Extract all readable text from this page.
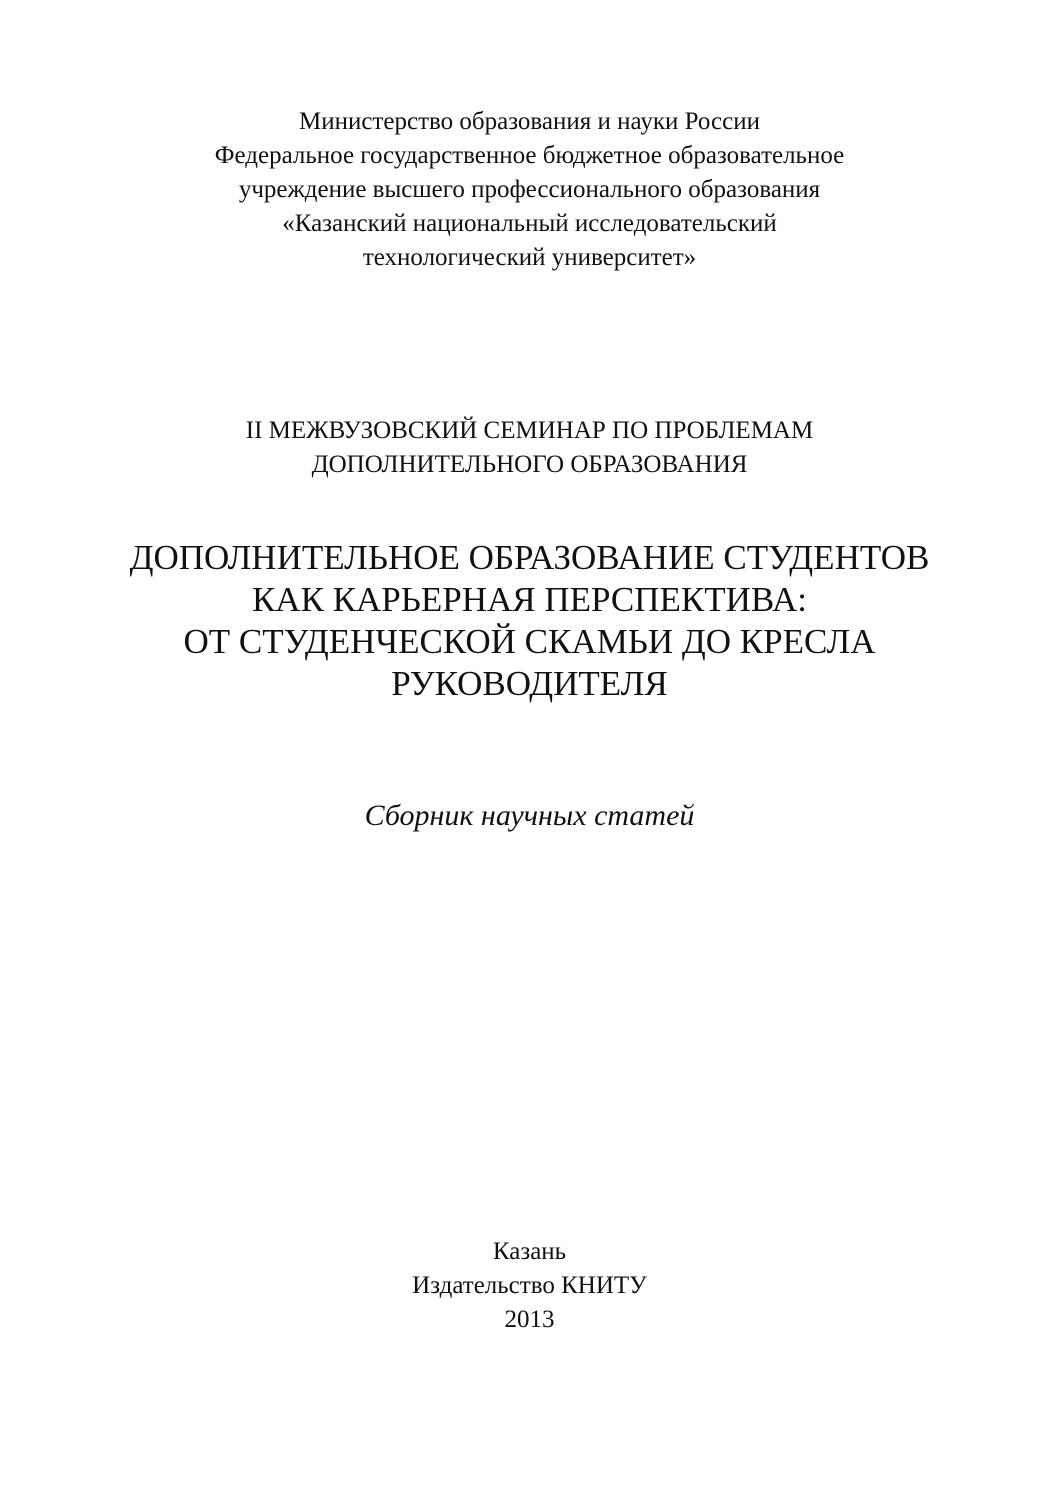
Министерство образования и науки России
Федеральное государственное бюджетное образовательное
учреждение высшего профессионального образования
«Казанский национальный исследовательский
технологический университет»
II МЕЖВУЗОВСКИЙ СЕМИНАР ПО ПРОБЛЕМАМ
ДОПОЛНИТЕЛЬНОГО ОБРАЗОВАНИЯ
ДОПОЛНИТЕЛЬНОЕ ОБРАЗОВАНИЕ СТУДЕНТОВ
КАК КАРЬЕРНАЯ ПЕРСПЕКТИВА:
ОТ СТУДЕНЧЕСКОЙ СКАМЬИ ДО КРЕСЛА
РУКОВОДИТЕЛЯ
Сборник научных статей
Казань
Издательство КНИТУ
2013
